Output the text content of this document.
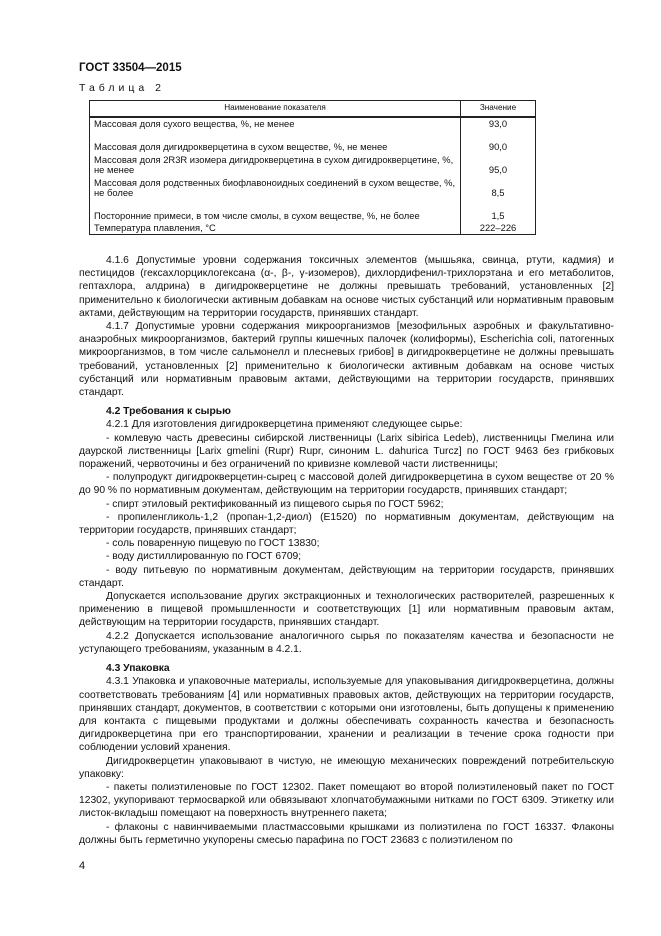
ГОСТ 33504—2015
Таблица 2
Наименование показателя	Значение
Массовая доля сухого вещества, %, не менее	93,0
Массовая доля дигидрокверцетина в сухом веществе, %, не менее	90,0
Массовая доля 2R3R изомера дигидрокверцетина в сухом дигидрокверцетине, %, не менее	95,0
Массовая доля родственных биофлавоноидных соединений в сухом веществе, %, не более	8,5
Посторонние примеси, в том числе смолы, в сухом веществе, %, не более	1,5
Температура плавления, °С	222–226

4.1.6 Допустимые уровни содержания токсичных элементов (мышьяка, свинца, ртути, кадмия) и пестицидов (гексахлорциклогексана (α-, β-, γ-изомеров), дихлордифенил-трихлорэтана и его метаболитов, гептахлора, алдрина) в дигидрокверцетине не должны превышать требований, установленных [2] применительно к биологически активным добавкам на основе чистых субстанций или нормативным правовым актами, действующим на территории государств, принявших стандарт.

4.1.7 Допустимые уровни содержания микроорганизмов [мезофильных аэробных и факультативно-анаэробных микроорганизмов, бактерий группы кишечных палочек (колиформы), Escherichia coli, патогенных микроорганизмов, в том числе сальмонелл и плесневых грибов] в дигидрокверцетине не должны превышать требований, установленных [2] применительно к биологически активным добавкам на основе чистых субстанций или нормативным правовым актами, действующими на территории государств, принявших стандарт.

4.2 Требования к сырью

4.2.1 Для изготовления дигидрокверцетина применяют следующее сырье:

- комлевую часть древесины сибирской лиственницы (Larix sibirica Ledeb), лиственницы Гмелина или даурской лиственницы [Larix gmelini (Rupr) Rupr, синоним L. dahurica Turcz] по ГОСТ 9463 без грибковых поражений, червоточины и без ограничений по кривизне комлевой части лиственницы;

- полупродукт дигидрокверцетин-сырец с массовой долей дигидрокверцетина в сухом веществе от 20 % до 90 % по нормативным документам, действующим на территории государств, принявших стандарт;

- спирт этиловый ректификованный из пищевого сырья по ГОСТ 5962;

- пропиленгликоль-1,2 (пропан-1,2-диол) (Е1520) по нормативным документам, действующим на территории государств, принявших стандарт;

- соль поваренную пищевую по ГОСТ 13830;

- воду дистиллированную по ГОСТ 6709;

- воду питьевую по нормативным документам, действующим на территории государств, принявших стандарт.

Допускается использование других экстракционных и технологических растворителей, разрешенных к применению в пищевой промышленности и соответствующих [1] или нормативным правовым актам, действующим на территории государств, принявших стандарт.

4.2.2 Допускается использование аналогичного сырья по показателям качества и безопасности не уступающего требованиям, указанным в 4.2.1.

4.3 Упаковка

4.3.1 Упаковка и упаковочные материалы, используемые для упаковывания дигидрокверцетина, должны соответствовать требованиям [4] или нормативных правовых актов, действующих на территории государств, принявших стандарт, документов, в соответствии с которыми они изготовлены, быть допущены к применению для контакта с пищевыми продуктами и должны обеспечивать сохранность качества и безопасность дигидрокверцетина при его транспортировании, хранении и реализации в течение срока годности при соблюдении условий хранения.

Дигидрокверцетин упаковывают в чистую, не имеющую механических повреждений потребительскую упаковку:

- пакеты полиэтиленовые по ГОСТ 12302. Пакет помещают во второй полиэтиленовый пакет по ГОСТ 12302, укупоривают термосваркой или обвязывают хлопчатобумажными нитками по ГОСТ 6309. Этикетку или листок-вкладыш помещают на поверхность внутреннего пакета;

- флаконы с навинчиваемыми пластмассовыми крышками из полиэтилена по ГОСТ 16337. Флаконы должны быть герметично укупорены смесью парафина по ГОСТ 23683 с полиэтиленом по

4
